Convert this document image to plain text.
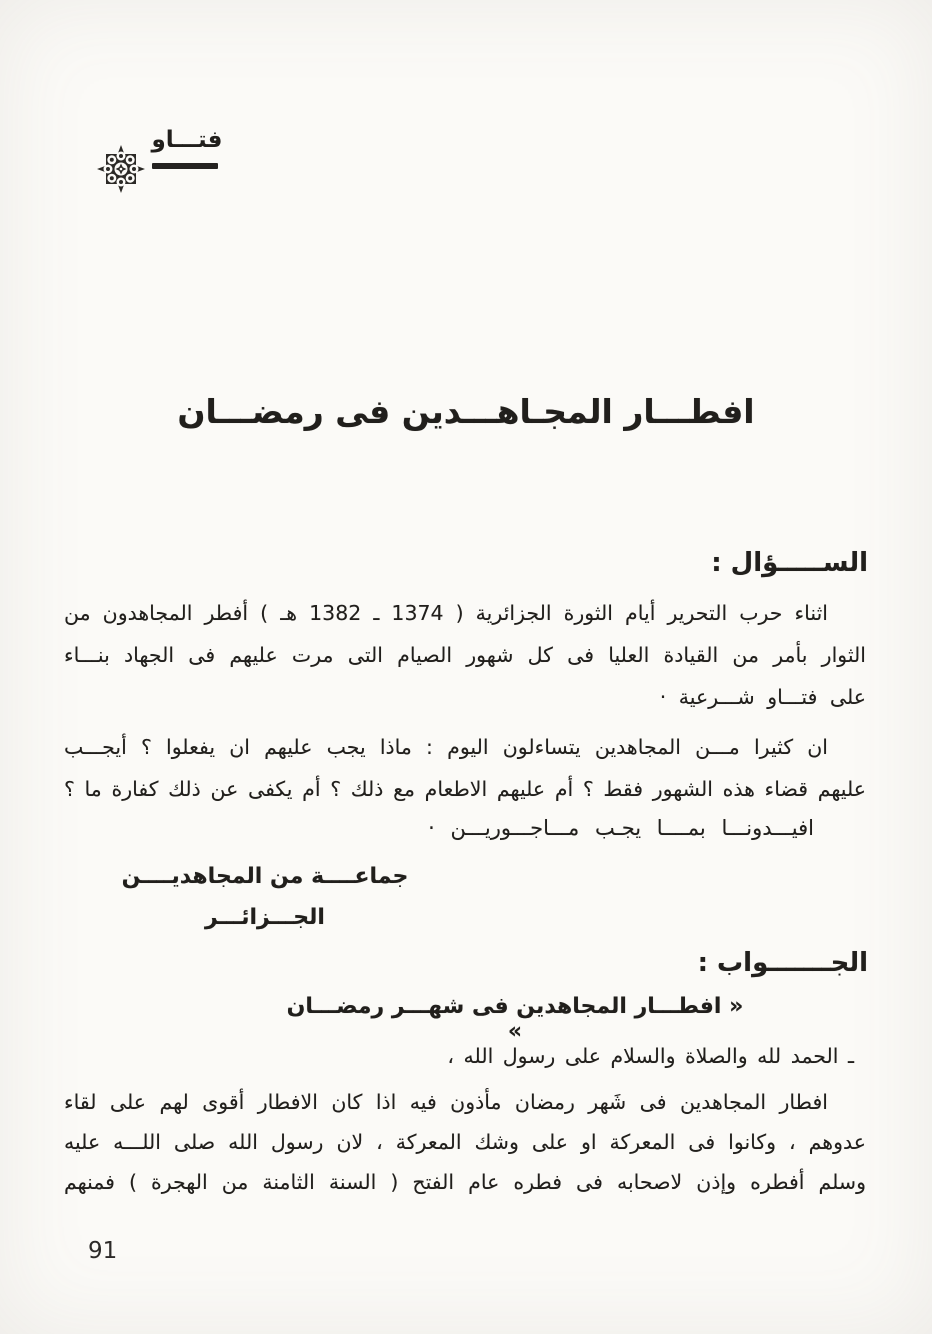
فتـــاو
افطـــار المجـاهـــدين فى رمضـــان
الســـــؤال :
اثناء حرب التحرير أيام الثورة الجزائرية ( 1374 ـ 1382 هـ ) أفطر المجاهدون من
الثوار بأمر من القيادة العليا فى كل شهور الصيام التى مرت عليهم فى الجهاد بنـــاء
على فتـــاو شـــرعية ·
ان كثيرا مـــن المجاهدين يتساءلون اليوم : ماذا يجب عليهم ان يفعلوا ؟ أيجـــب
عليهم قضاء هذه الشهور فقط ؟ أم عليهم الاطعام مع ذلك ؟ أم يكفى عن ذلك كفارة ما ؟
افيـــدونـــا بمــــا يجـب مـــاجـــوريـــن ·
جماعــــة من المجاهديــــن
الجـــزائـــر
الجـــــــواب :
« افطـــار المجاهدين فى شهـــر رمضـــان »
ـ الحمد لله والصلاة والسلام على رسول الله ،
افطار المجاهدين فى شَهر رمضان مأذون فيه اذا كان الافطار أقوى لهم على لقاء
عدوهم ، وكانوا فى المعركة او على وشك المعركة ، لان رسول الله صلى اللـــه عليه
وسلم أفطره وإذن لاصحابه فى فطره عام الفتح ( السنة الثامنة من الهجرة ) فمنهم
91
